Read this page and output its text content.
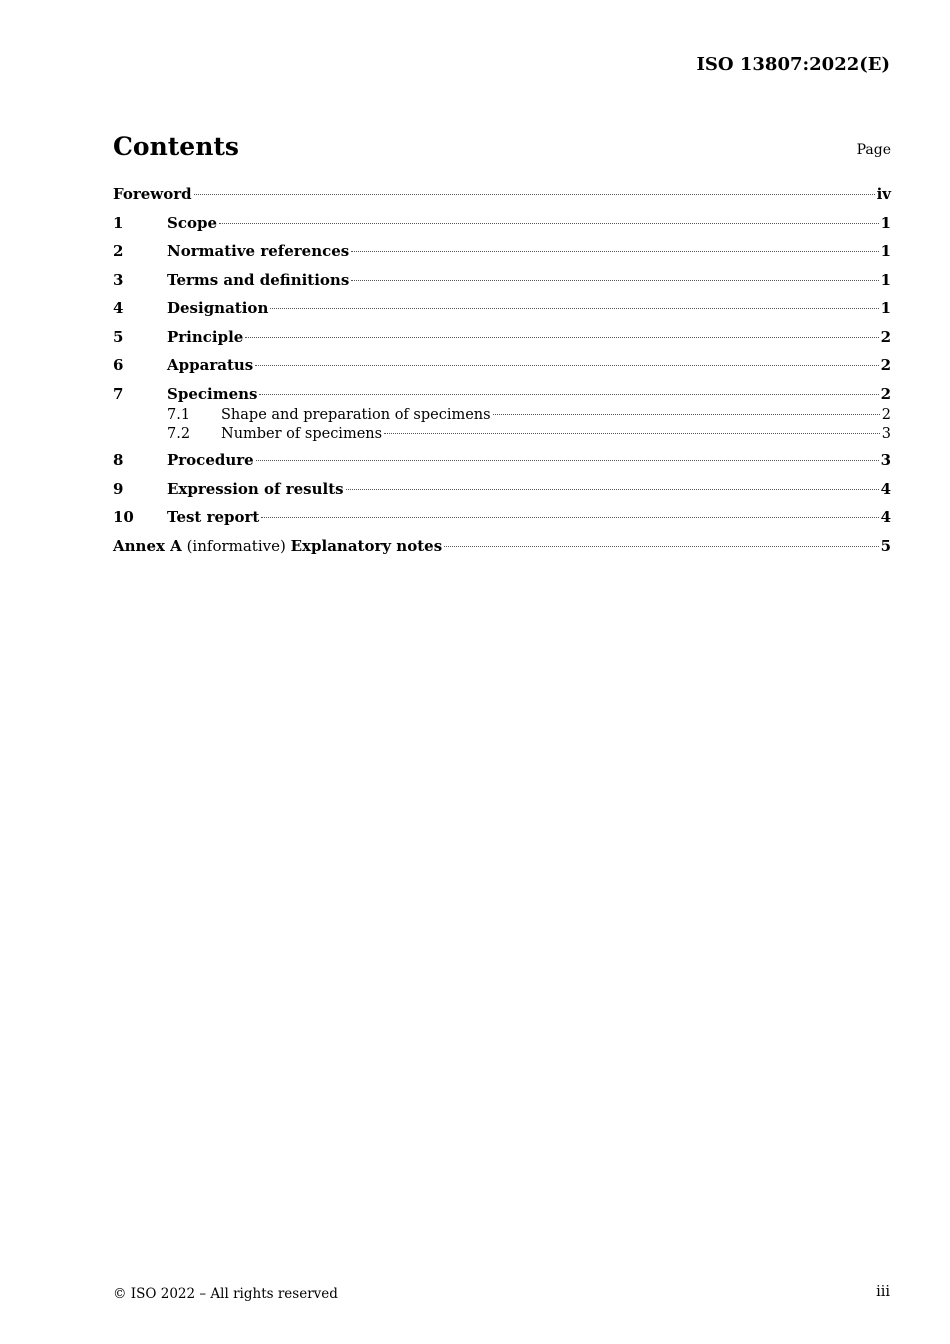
ISO 13807:2022(E)
Contents	Page
Foreword	iv
1	Scope	1
2	Normative references	1
3	Terms and definitions	1
4	Designation	1
5	Principle	2
6	Apparatus	2
7	Specimens	2
7.1	Shape and preparation of specimens	2
7.2	Number of specimens	3
8	Procedure	3
9	Expression of results	4
10	Test report	4
Annex A (informative) Explanatory notes	5
© ISO 2022 – All rights reserved	iii
